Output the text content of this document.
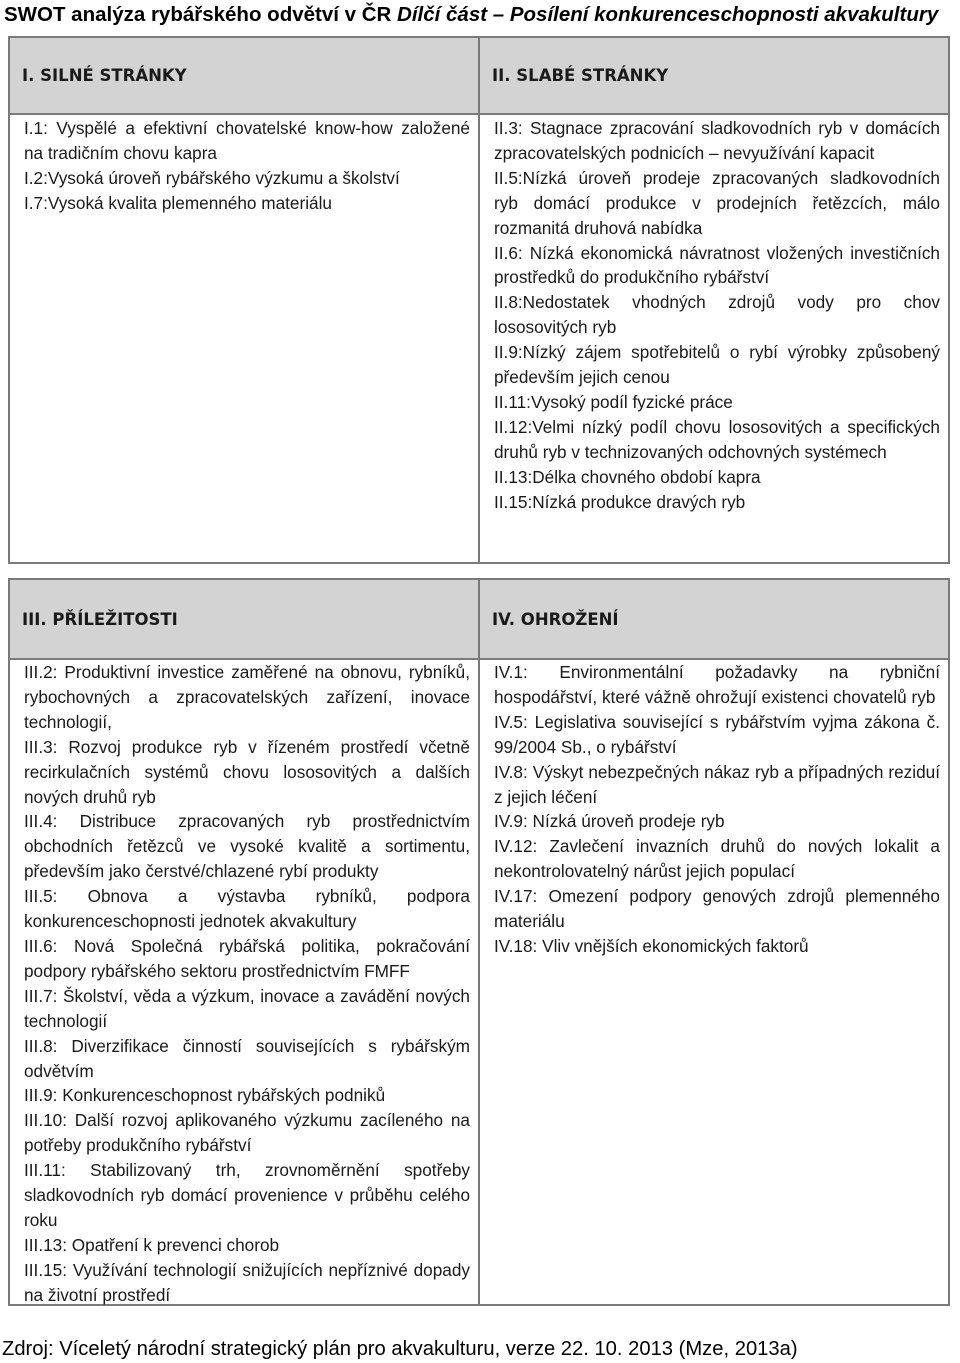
SWOT analýza rybářského odvětví v ČR Dílčí část – Posílení konkurenceschopnosti akvakultury
I. SILNÉ STRÁNKY	II. SLABÉ STRÁNKY
I.1: Vyspělé a efektivní chovatelské know-how založené na tradičním chovu kapra
I.2:Vysoká úroveň rybářského výzkumu a školství
I.7:Vysoká kvalita plemenného materiálu
II.3: Stagnace zpracování sladkovodních ryb v domácích zpracovatelských podnicích – nevyužívání kapacit
II.5:Nízká úroveň prodeje zpracovaných sladkovodních ryb domácí produkce v prodejních řetězcích, málo rozmanitá druhová nabídka
II.6: Nízká ekonomická návratnost vložených investičních prostředků do produkčního rybářství
II.8:Nedostatek vhodných zdrojů vody pro chov lososovitých ryb
II.9:Nízký zájem spotřebitelů o rybí výrobky způsobený především jejich cenou
II.11:Vysoký podíl fyzické práce
II.12:Velmi nízký podíl chovu lososovitých a specifických druhů ryb v technizovaných odchovných systémech
II.13:Délka chovného období kapra
II.15:Nízká produkce dravých ryb
III. PŘÍLEŽITOSTI	IV. OHROŽENÍ
III.2: Produktivní investice zaměřené na obnovu, rybníků, rybochovných a zpracovatelských zařízení, inovace technologií,
III.3: Rozvoj produkce ryb v řízeném prostředí včetně recirkulačních systémů chovu lososovitých a dalších nových druhů ryb
III.4: Distribuce zpracovaných ryb prostřednictvím obchodních řetězců ve vysoké kvalitě a sortimentu, především jako čerstvé/chlazené rybí produkty
III.5: Obnova a výstavba rybníků, podpora konkurenceschopnosti jednotek akvakultury
III.6: Nová Společná rybářská politika, pokračování podpory rybářského sektoru prostřednictvím FMFF
III.7: Školství, věda a výzkum, inovace a zavádění nových technologií
III.8: Diverzifikace činností souvisejících s rybářským odvětvím
III.9: Konkurenceschopnost rybářských podniků
III.10: Další rozvoj aplikovaného výzkumu zacíleného na potřeby produkčního rybářství
III.11: Stabilizovaný trh, zrovnoměrnění spotřeby sladkovodních ryb domácí provenience v průběhu celého roku
III.13: Opatření k prevenci chorob
III.15: Využívání technologií snižujících nepříznivé dopady na životní prostředí
IV.1: Environmentální požadavky na rybniční hospodářství, které vážně ohrožují existenci chovatelů ryb
IV.5: Legislativa související s rybářstvím vyjma zákona č. 99/2004 Sb., o rybářství
IV.8: Výskyt nebezpečných nákaz ryb a případných reziduí z jejich léčení
IV.9: Nízká úroveň prodeje ryb
IV.12: Zavlečení invazních druhů do nových lokalit a nekontrolovatelný nárůst jejich populací
IV.17: Omezení podpory genových zdrojů plemenného materiálu
IV.18: Vliv vnějších ekonomických faktorů
Zdroj: Víceletý národní strategický plán pro akvakulturu, verze 22. 10. 2013 (Mze, 2013a)
